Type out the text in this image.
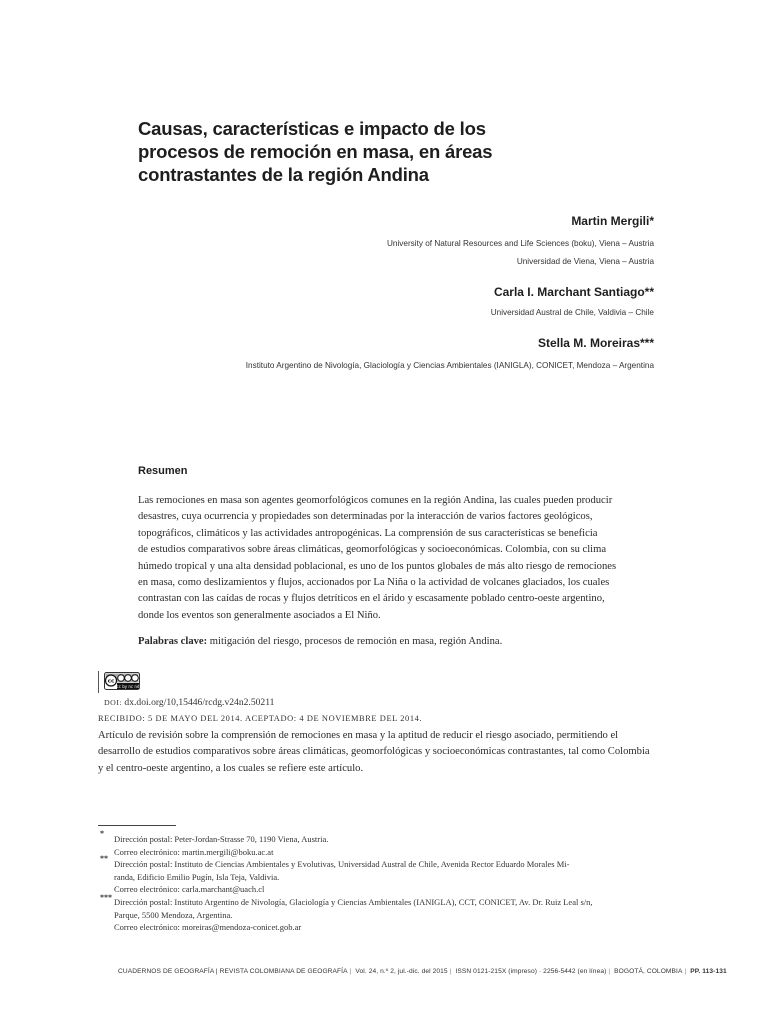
Causas, características e impacto de los
procesos de remoción en masa, en áreas
contrastantes de la región Andina
Martin Mergili*
University of Natural Resources and Life Sciences (boku), Viena – Austria
Universidad de Viena, Viena – Austria
Carla I. Marchant Santiago**
Universidad Austral de Chile, Valdivia – Chile
Stella M. Moreiras***
Instituto Argentino de Nivología, Glaciología y Ciencias Ambientales (IANIGLA), CONICET, Mendoza – Argentina
Resumen
Las remociones en masa son agentes geomorfológicos comunes en la región Andina, las cuales pueden producir
desastres, cuya ocurrencia y propiedades son determinadas por la interacción de varios factores geológicos,
topográficos, climáticos y las actividades antropogénicas. La comprensión de sus características se beneficia
de estudios comparativos sobre áreas climáticas, geomorfológicas y socioeconómicas. Colombia, con su clima
húmedo tropical y una alta densidad poblacional, es uno de los puntos globales de más alto riesgo de remociones
en masa, como deslizamientos y flujos, accionados por La Niña o la actividad de volcanes glaciados, los cuales
contrastan con las caídas de rocas y flujos detríticos en el árido y escasamente poblado centro-oeste argentino,
donde los eventos son generalmente asociados a El Niño.
Palabras clave: mitigación del riesgo, procesos de remoción en masa, región Andina.
cc
cc by nc nd
DOI: dx.doi.org/10,15446/rcdg.v24n2.50211
RECIBIDO: 5 DE MAYO DEL 2014. ACEPTADO: 4 DE NOVIEMBRE DEL 2014.
Artículo de revisión sobre la comprensión de remociones en masa y la aptitud de reducir el riesgo asociado, permitiendo el
desarrollo de estudios comparativos sobre áreas climáticas, geomorfológicas y socioeconómicas contrastantes, tal como Colombia
y el centro-oeste argentino, a los cuales se refiere este artículo.
*
Dirección postal: Peter-Jordan-Strasse 70, 1190 Viena, Austria.
Correo electrónico: martin.mergili@boku.ac.at
**
Dirección postal: Instituto de Ciencias Ambientales y Evolutivas, Universidad Austral de Chile, Avenida Rector Eduardo Morales Mi-
randa, Edificio Emilio Pugín, Isla Teja, Valdivia.
Correo electrónico: carla.marchant@uach.cl
*** Dirección postal: Instituto Argentino de Nivología, Glaciología y Ciencias Ambientales (IANIGLA), CCT, CONICET, Av. Dr. Ruiz Leal s/n,
Parque, 5500 Mendoza, Argentina.
Correo electrónico: moreiras@mendoza-conicet.gob.ar
CUADERNOS DE GEOGRAFÍA | REVISTA COLOMBIANA DE GEOGRAFÍA | Vol. 24, n.º 2, jul.-dic. del 2015 | ISSN 0121-215X (impreso) · 2256-5442 (en línea) | BOGOTÁ, COLOMBIA | PP. 113-131
